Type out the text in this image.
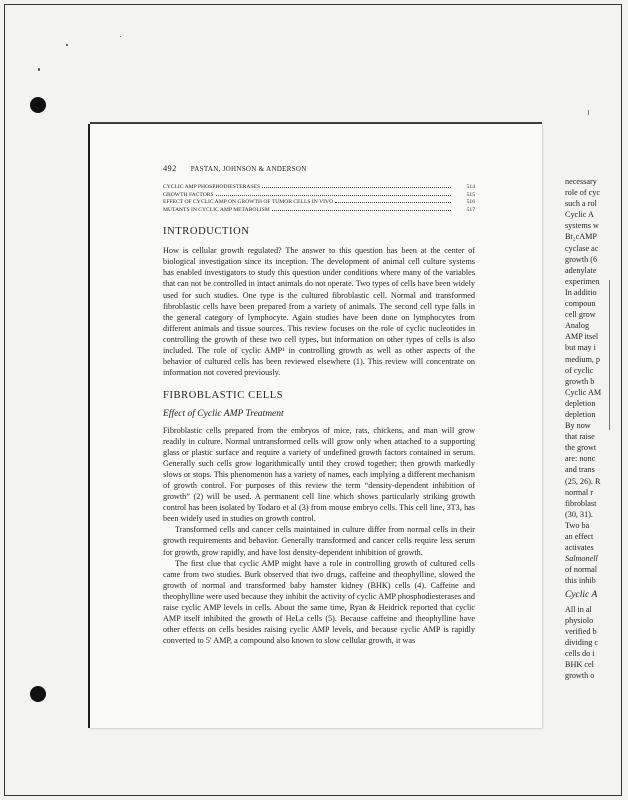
492 PASTAN, JOHNSON & ANDERSON
CYCLIC AMP PHOSPHODIESTERASES	514
GROWTH FACTORS	515
EFFECT OF CYCLIC AMP ON GROWTH OF TUMOR CELLS IN VIVO	516
MUTANTS IN CYCLIC AMP METABOLISM	517
INTRODUCTION

How is cellular growth regulated? The answer to this question has been at the center of biological investigation since its inception. The development of animal cell culture systems has enabled investigators to study this question under conditions where many of the variables that can not be controlled in intact animals do not operate. Two types of cells have been widely used for such studies. One type is the cultured fibroblastic cell. Normal and transformed fibroblastic cells have been prepared from a variety of animals. The second cell type falls in the general category of lymphocyte. Again studies have been done on lymphocytes from different animals and tissue sources. This review focuses on the role of cyclic nucleotides in controlling the growth of these two cell types, but information on other types of cells is also included. The role of cyclic AMP¹ in controlling growth as well as other aspects of the behavior of cultured cells has been reviewed elsewhere (1). This review will concentrate on information not covered previously.

FIBROBLASTIC CELLS
Effect of Cyclic AMP Treatment

Fibroblastic cells prepared from the embryos of mice, rats, chickens, and man will grow readily in culture. Normal untransformed cells will grow only when attached to a supporting glass or plastic surface and require a variety of undefined growth factors contained in serum. Generally such cells grow logarithmically until they crowd together; then growth markedly slows or stops. This phenomenon has a variety of names, each implying a different mechanism of growth control. For purposes of this review the term “density-dependent inhibition of growth” (2) will be used. A permanent cell line which shows particularly striking growth control has been isolated by Todaro et al (3) from mouse embryo cells. This cell line, 3T3, has been widely used in studies on growth control.

Transformed cells and cancer cells maintained in culture differ from normal cells in their growth requirements and behavior. Generally transformed and cancer cells require less serum for growth, grow rapidly, and have lost density-dependent inhibition of growth.

The first clue that cyclic AMP might have a role in controlling growth of cultured cells came from two studies. Burk observed that two drugs, caffeine and theophylline, slowed the growth of normal and transformed baby hamster kidney (BHK) cells (4). Caffeine and theophylline were used because they inhibit the activity of cyclic AMP phosphodiesterases and raise cyclic AMP levels in cells. About the same time, Ryan & Heidrick reported that cyclic AMP itself inhibited the growth of HeLa cells (5). Because caffeine and theophylline have other effects on cells besides raising cyclic AMP levels, and because cyclic AMP is rapidly converted to 5′ AMP, a compound also known to slow cellular growth, it was

necessary
role of cyc
such a rol
Cyclic A
systems w
Bt₂cAMP
cyclase ac
growth (6
adenylate
experimen
In additio
compoun
cell grow
Analog
AMP itsel
but may i
medium, p
of cyclic
growth b
Cyclic AM
depletion
depletion
By now
that raise
the growt
are: nonc
and trans
(25, 26). R
normal r
fibroblast
(30, 31).
Two ba
an effect
activates
Salmonell
of normal
this inhib
Cyclic A
All in al
physiolo
verified b
dividing c
cells do i
BHK cel
growth o
